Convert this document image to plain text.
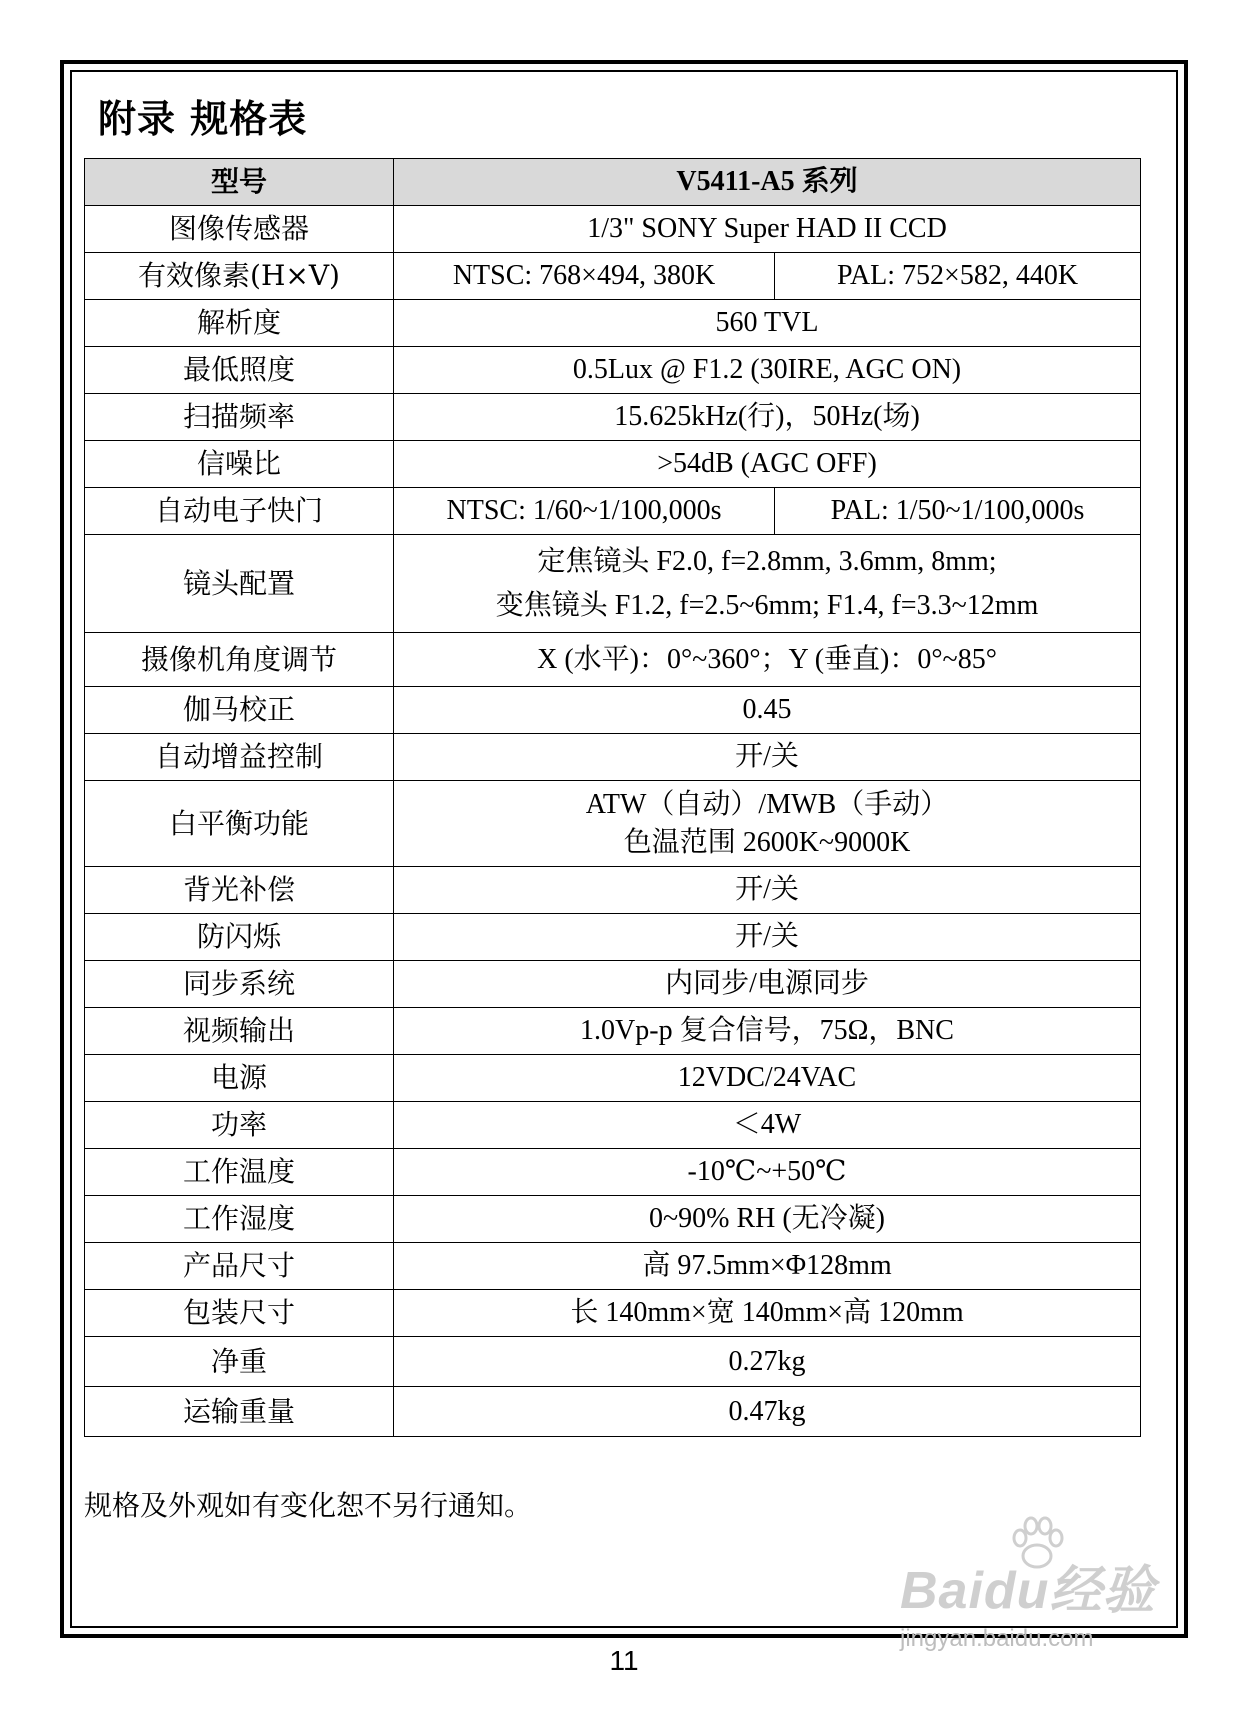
附录 规格表
型号	V5411-A5 系列	
图像传感器	1/3" SONY Super HAD II CCD	
有效像素(H×V)	NTSC: 768×494, 380K	PAL: 752×582, 440K
解析度	560 TVL	
最低照度	0.5Lux @ F1.2 (30IRE, AGC ON)	
扫描频率	15.625kHz(行)，50Hz(场)	
信噪比	>54dB (AGC OFF)	
自动电子快门	NTSC: 1/60~1/100,000s	PAL: 1/50~1/100,000s
镜头配置	定焦镜头 F2.0, f=2.8mm, 3.6mm, 8mm;
变焦镜头 F1.2, f=2.5~6mm; F1.4, f=3.3~12mm	

摄像机角度调节	X (水平)：0°~360°；Y (垂直)：0°~85°	
伽马校正	0.45	
自动增益控制	开/关	
白平衡功能	ATW（自动）/MWB（手动）
色温范围 2600K~9000K	

背光补偿	开/关	
防闪烁	开/关	
同步系统	内同步/电源同步	
视频输出	1.0Vp-p 复合信号，75Ω，BNC	
电源	12VDC/24VAC	
功率	＜4W	
工作温度	-10℃~+50℃	
工作湿度	0~90% RH (无冷凝)	
产品尺寸	高 97.5mm×Φ128mm	
包装尺寸	长 140mm×宽 140mm×高 120mm	
净重	0.27kg	
运输重量	0.47kg	
规格及外观如有变化恕不另行通知。
Baidu经验
jingyan.baidu.com
11
